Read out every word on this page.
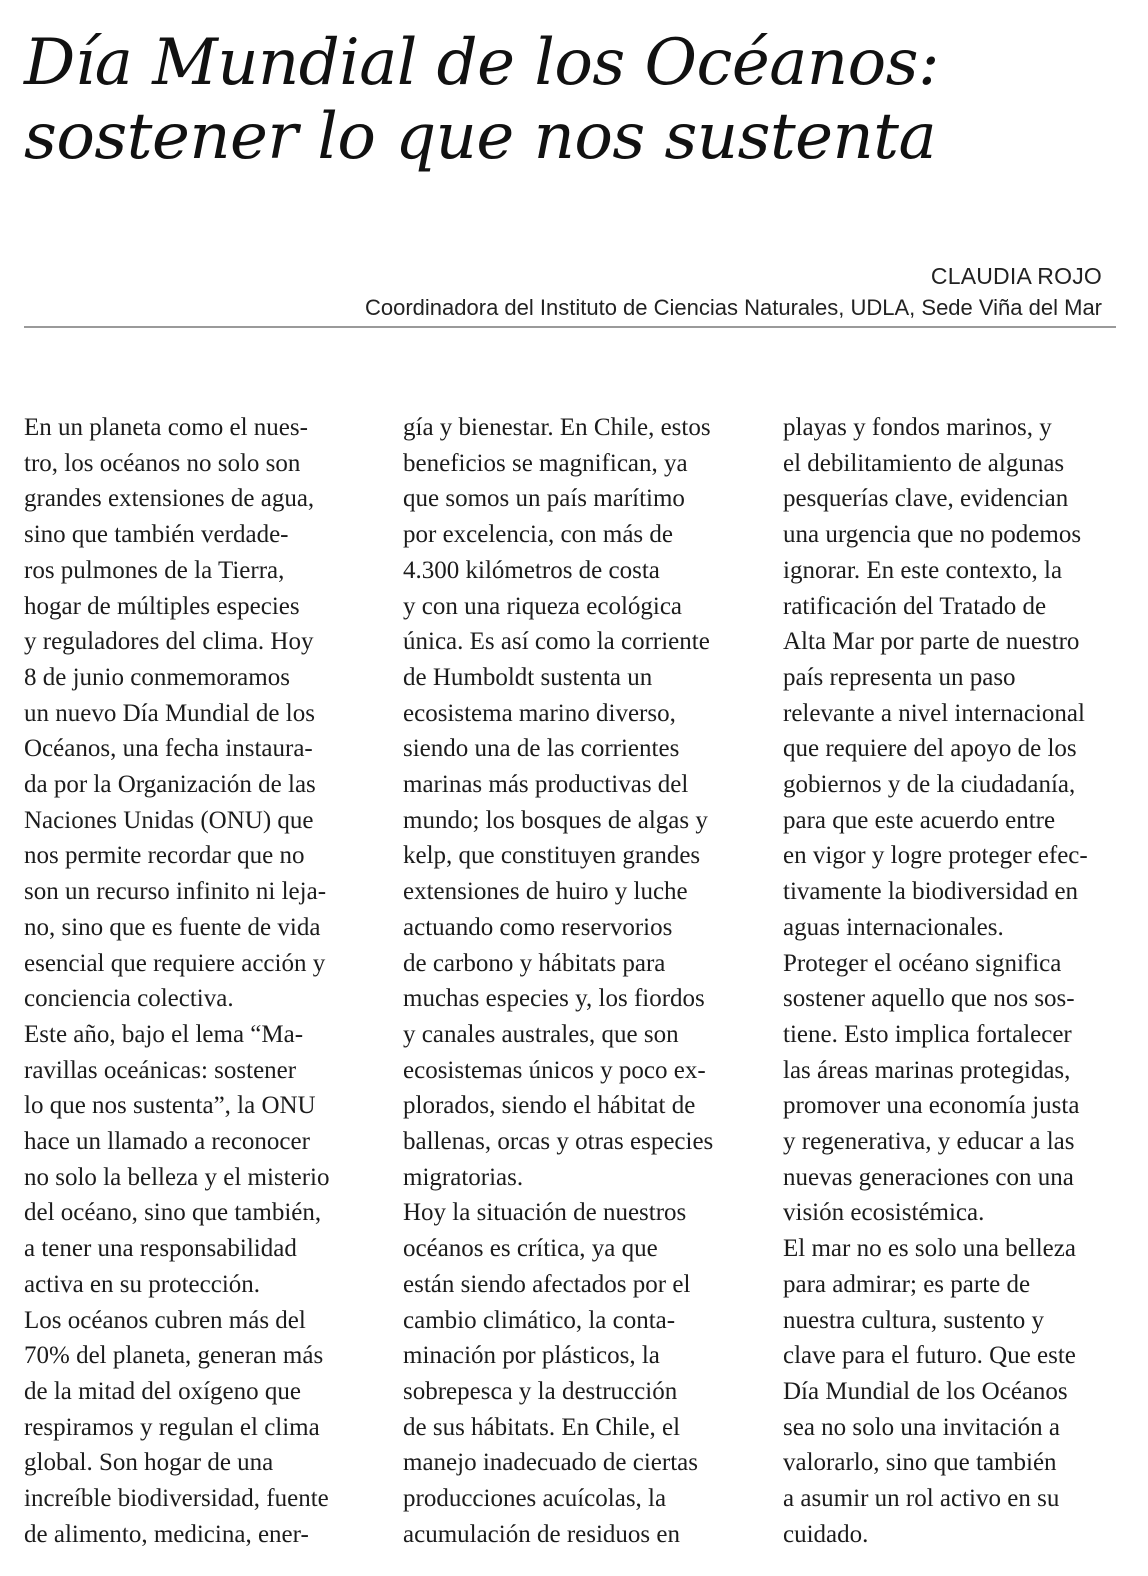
Día Mundial de los Océanos:
sostener lo que nos sustenta
CLAUDIA ROJO
Coordinadora del Instituto de Ciencias Naturales, UDLA, Sede Viña del Mar
En un planeta como el nues-
tro, los océanos no solo son
grandes extensiones de agua,
sino que también verdade-
ros pulmones de la Tierra,
hogar de múltiples especies
y reguladores del clima. Hoy
8 de junio conmemoramos
un nuevo Día Mundial de los
Océanos, una fecha instaura-
da por la Organización de las
Naciones Unidas (ONU) que
nos permite recordar que no
son un recurso infinito ni leja-
no, sino que es fuente de vida
esencial que requiere acción y
conciencia colectiva.
Este año, bajo el lema “Ma-
ravillas oceánicas: sostener
lo que nos sustenta”, la ONU
hace un llamado a reconocer
no solo la belleza y el misterio
del océano, sino que también,
a tener una responsabilidad
activa en su protección.
Los océanos cubren más del
70% del planeta, generan más
de la mitad del oxígeno que
respiramos y regulan el clima
global. Son hogar de una
increíble biodiversidad, fuente
de alimento, medicina, ener-
gía y bienestar. En Chile, estos
beneficios se magnifican, ya
que somos un país marítimo
por excelencia, con más de
4.300 kilómetros de costa
y con una riqueza ecológica
única. Es así como la corriente
de Humboldt sustenta un
ecosistema marino diverso,
siendo una de las corrientes
marinas más productivas del
mundo; los bosques de algas y
kelp, que constituyen grandes
extensiones de huiro y luche
actuando como reservorios
de carbono y hábitats para
muchas especies y, los fiordos
y canales australes, que son
ecosistemas únicos y poco ex-
plorados, siendo el hábitat de
ballenas, orcas y otras especies
migratorias.
Hoy la situación de nuestros
océanos es crítica, ya que
están siendo afectados por el
cambio climático, la conta-
minación por plásticos, la
sobrepesca y la destrucción
de sus hábitats. En Chile, el
manejo inadecuado de ciertas
producciones acuícolas, la
acumulación de residuos en
playas y fondos marinos, y
el debilitamiento de algunas
pesquerías clave, evidencian
una urgencia que no podemos
ignorar. En este contexto, la
ratificación del Tratado de
Alta Mar por parte de nuestro
país representa un paso
relevante a nivel internacional
que requiere del apoyo de los
gobiernos y de la ciudadanía,
para que este acuerdo entre
en vigor y logre proteger efec-
tivamente la biodiversidad en
aguas internacionales.
Proteger el océano significa
sostener aquello que nos sos-
tiene. Esto implica fortalecer
las áreas marinas protegidas,
promover una economía justa
y regenerativa, y educar a las
nuevas generaciones con una
visión ecosistémica.
El mar no es solo una belleza
para admirar; es parte de
nuestra cultura, sustento y
clave para el futuro. Que este
Día Mundial de los Océanos
sea no solo una invitación a
valorarlo, sino que también
a asumir un rol activo en su
cuidado.
